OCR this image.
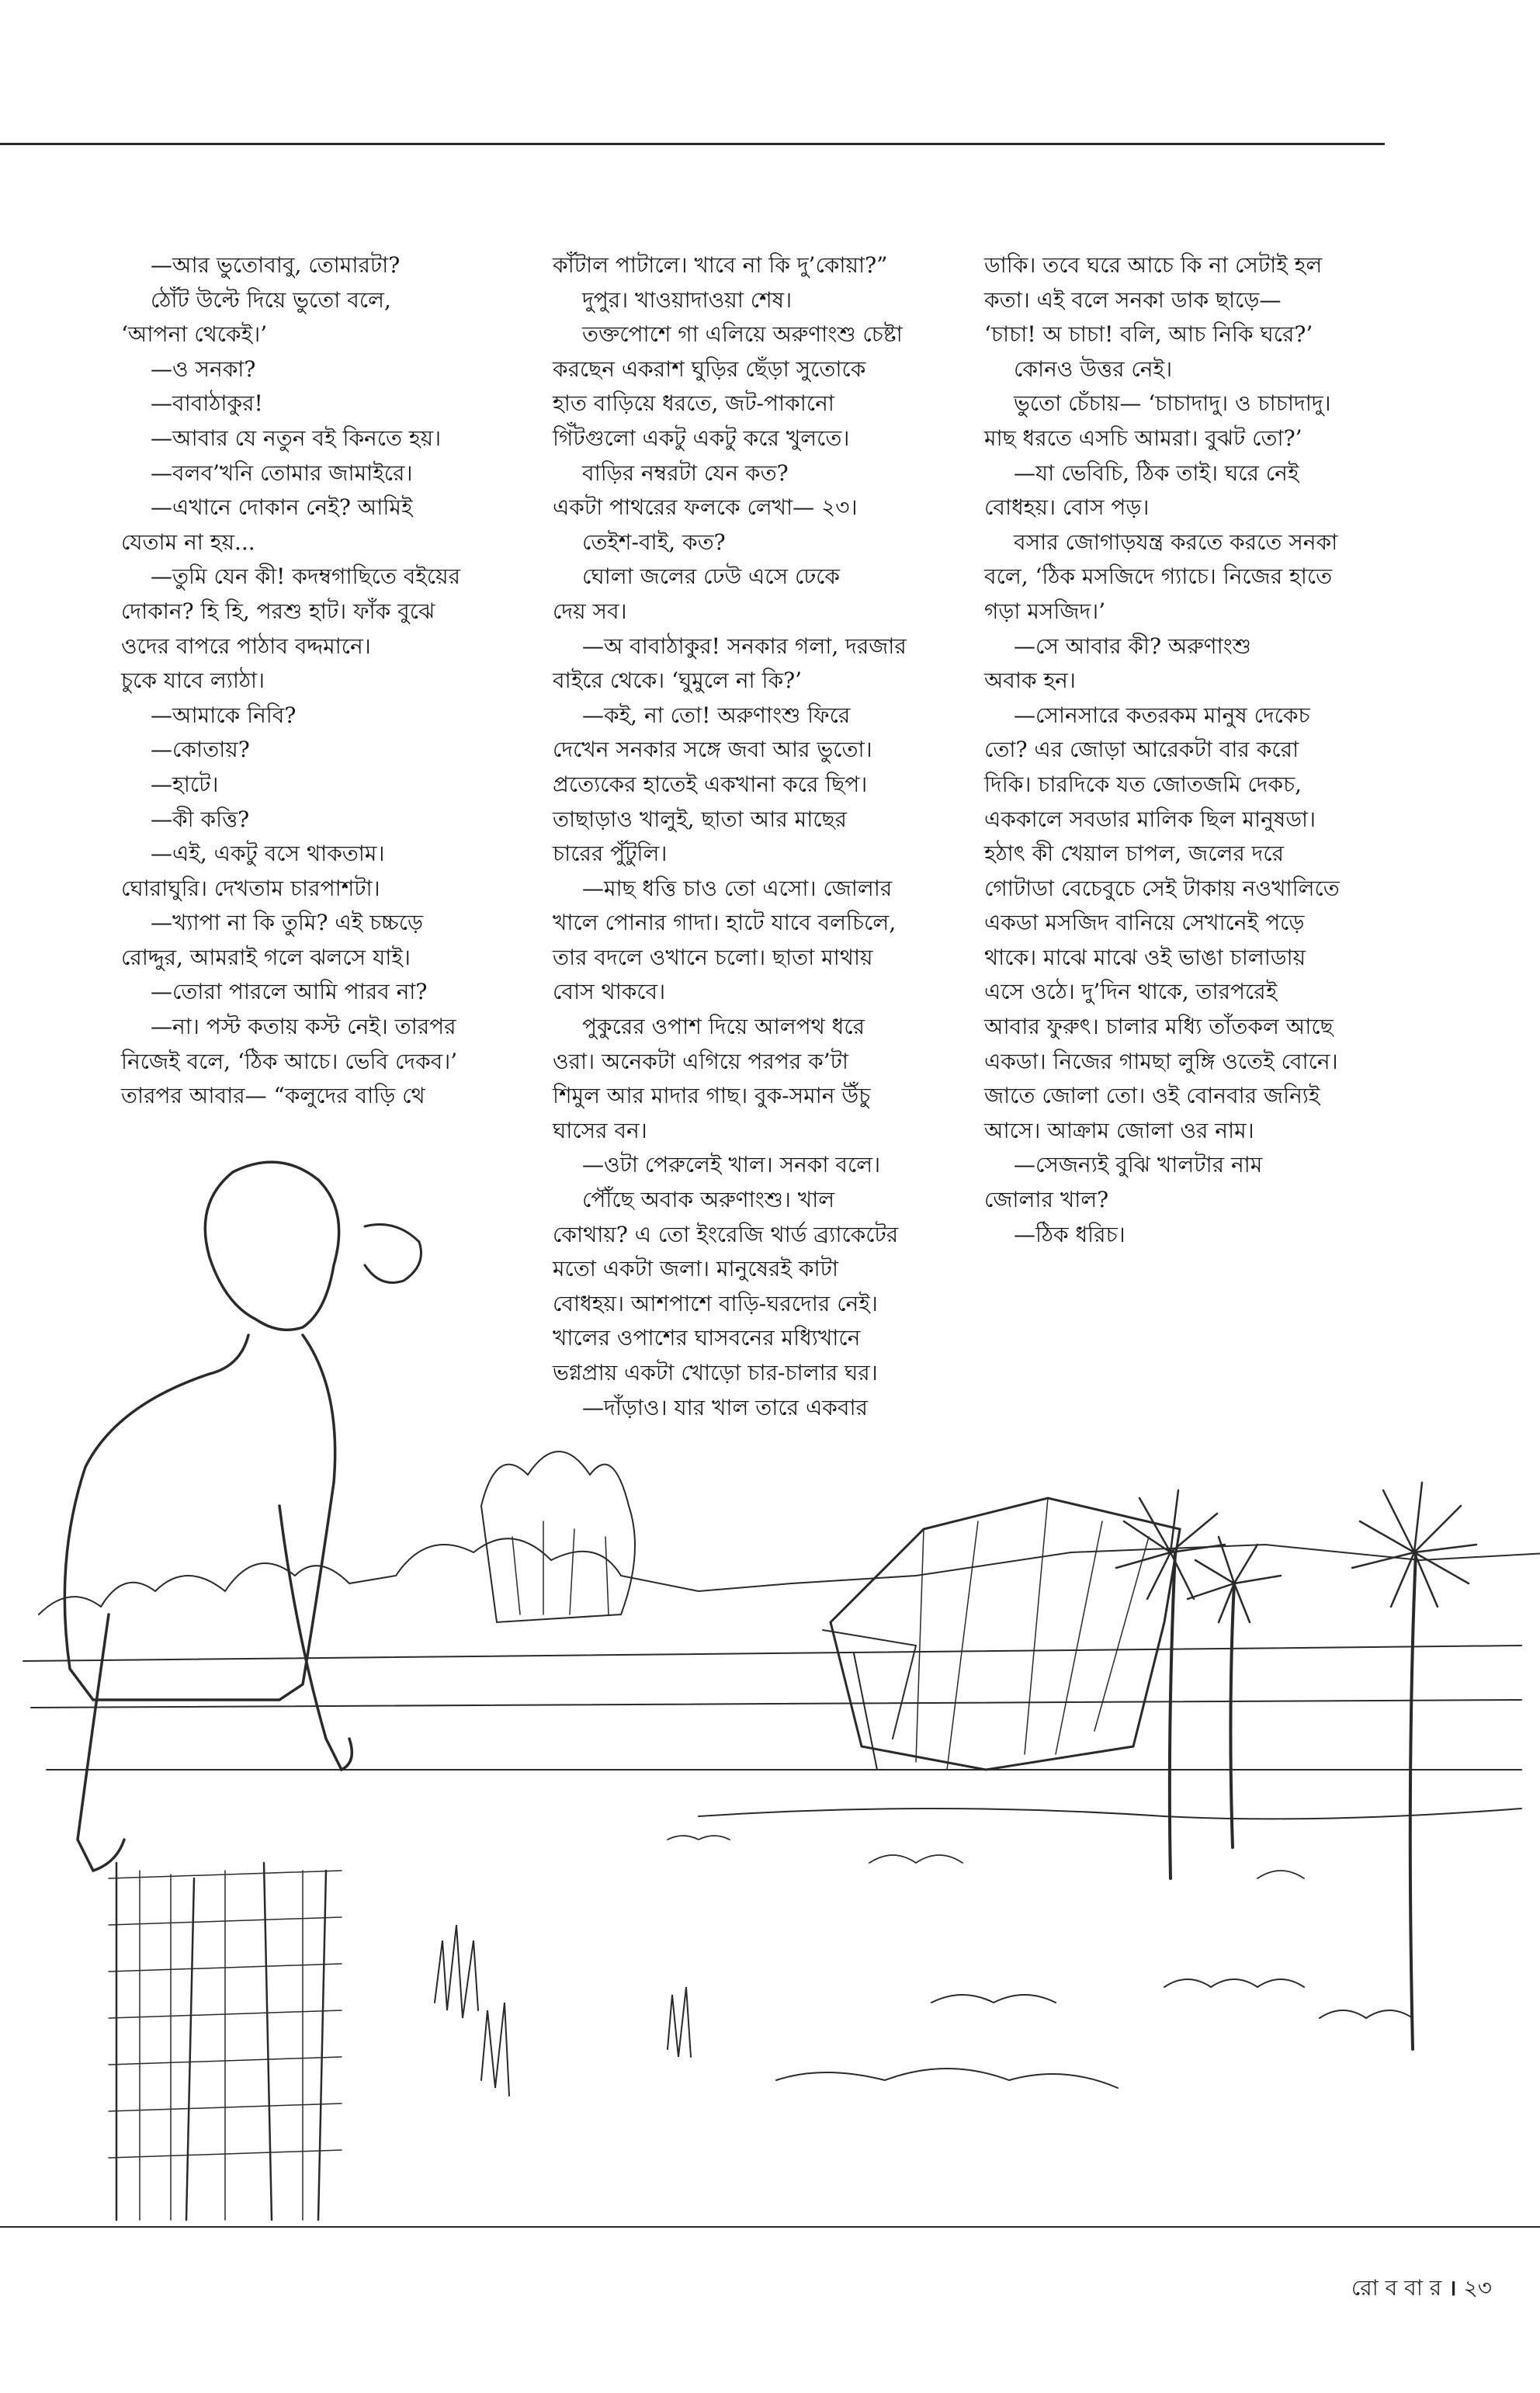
—আর ভুতোবাবু, তোমারটা?

ঠোঁট উল্টে দিয়ে ভুতো বলে,

‘আপনা থেকেই।’

—ও সনকা?

—বাবাঠাকুর!

—আবার যে নতুন বই কিনতে হয়।

—বলব’খনি তোমার জামাইরে।

—এখানে দোকান নেই? আমিই

যেতাম না হয়...

—তুমি যেন কী! কদম্বগাছিতে বইয়ের

দোকান? হি হি, পরশু হাট। ফাঁক বুঝে

ওদের বাপরে পাঠাব বদ্দমানে।

চুকে যাবে ল্যাঠা।

—আমাকে নিবি?

—কোতায়?

—হাটে।

—কী কত্তি?

—এই, একটু বসে থাকতাম।

ঘোরাঘুরি। দেখতাম চারপাশটা।

—খ্যাপা না কি তুমি? এই চচ্চড়ে

রোদ্দুর, আমরাই গলে ঝলসে যাই।

—তোরা পারলে আমি পারব না?

—না। পস্ট কতায় কস্ট নেই। তারপর

নিজেই বলে, ‘ঠিক আচে। ভেবি দেকব।’

তারপর আবার— “কলুদের বাড়ি থে

কাঁটাল পাটালে। খাবে না কি দু’কোয়া?”

দুপুর। খাওয়াদাওয়া শেষ।

তক্তপোশে গা এলিয়ে অরুণাংশু চেষ্টা

করছেন একরাশ ঘুড়ির ছেঁড়া সুতোকে

হাত বাড়িয়ে ধরতে, জট-পাকানো

গিঁটগুলো একটু একটু করে খুলতে।

বাড়ির নম্বরটা যেন কত?

একটা পাথরের ফলকে লেখা— ২৩।

তেইশ-বাই, কত?

ঘোলা জলের ঢেউ এসে ঢেকে

দেয় সব।

—অ বাবাঠাকুর! সনকার গলা, দরজার

বাইরে থেকে। ‘ঘুমুলে না কি?’

—কই, না তো! অরুণাংশু ফিরে

দেখেন সনকার সঙ্গে জবা আর ভুতো।

প্রত্যেকের হাতেই একখানা করে ছিপ।

তাছাড়াও খালুই, ছাতা আর মাছের

চারের পুঁটুলি।

—মাছ ধত্তি চাও তো এসো। জোলার

খালে পোনার গাদা। হাটে যাবে বলচিলে,

তার বদলে ওখানে চলো। ছাতা মাথায়

বোস থাকবে।

পুকুরের ওপাশ দিয়ে আলপথ ধরে

ওরা। অনেকটা এগিয়ে পরপর ক’টা

শিমুল আর মাদার গাছ। বুক-সমান উঁচু

ঘাসের বন।

—ওটা পেরুলেই খাল। সনকা বলে।

পৌঁছে অবাক অরুণাংশু। খাল

কোথায়? এ তো ইংরেজি থার্ড ব্র্যাকেটের

মতো একটা জলা। মানুষেরই কাটা

বোধহয়। আশপাশে বাড়ি-ঘরদোর নেই।

খালের ওপাশের ঘাসবনের মধ্যিখানে

ভগ্নপ্রায় একটা খোড়ো চার-চালার ঘর।

—দাঁড়াও। যার খাল তারে একবার

ডাকি। তবে ঘরে আচে কি না সেটাই হল

কতা। এই বলে সনকা ডাক ছাড়ে—

‘চাচা! অ চাচা! বলি, আচ নিকি ঘরে?’

কোনও উত্তর নেই।

ভুতো চেঁচায়— ‘চাচাদাদু। ও চাচাদাদু।

মাছ ধরতে এসচি আমরা। বুঝট তো?’

—যা ভেবিচি, ঠিক তাই। ঘরে নেই

বোধহয়। বোস পড়।

বসার জোগাড়যন্ত্র করতে করতে সনকা

বলে, ‘ঠিক মসজিদে গ্যাচে। নিজের হাতে

গড়া মসজিদ।’

—সে আবার কী? অরুণাংশু

অবাক হন।

—সোনসারে কতরকম মানুষ দেকেচ

তো? এর জোড়া আরেকটা বার করো

দিকি। চারদিকে যত জোতজমি দেকচ,

এককালে সবডার মালিক ছিল মানুষডা।

হঠাৎ কী খেয়াল চাপল, জলের দরে

গোটাডা বেচেবুচে সেই টাকায় নওখালিতে

একডা মসজিদ বানিয়ে সেখানেই পড়ে

থাকে। মাঝে মাঝে ওই ভাঙা চালাডায়

এসে ওঠে। দু’দিন থাকে, তারপরেই

আবার ফুরুৎ। চালার মধ্যি তাঁতকল আছে

একডা। নিজের গামছা লুঙ্গি ওতেই বোনে।

জাতে জোলা তো। ওই বোনবার জন্যিই

আসে। আক্রাম জোলা ওর নাম।

—সেজন্যই বুঝি খালটার নাম

জোলার খাল?

—ঠিক ধরিচ।

রো ব বা র । ২৩
